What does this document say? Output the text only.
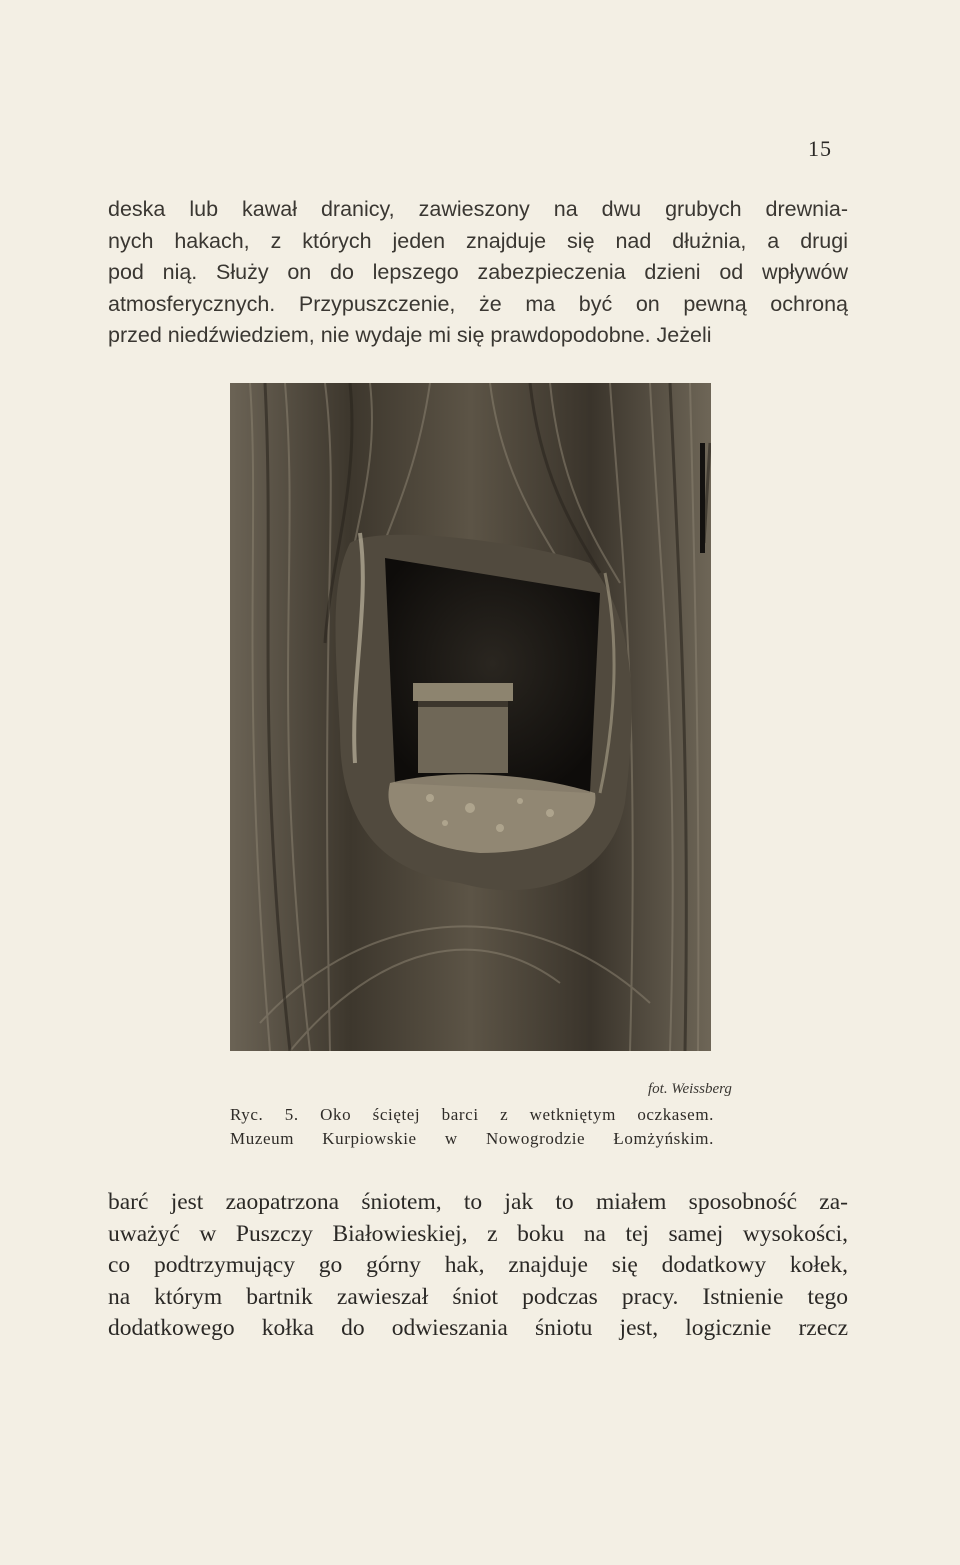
15
deska lub kawał dranicy, zawieszony na dwu grubych drewnia-
nych hakach, z których jeden znajduje się nad dłużnia, a drugi
pod nią. Służy on do lepszego zabezpieczenia dzieni od wpływów
atmosferycznych. Przypuszczenie, że ma być on pewną ochroną
przed niedźwiedziem, nie wydaje mi się prawdopodobne. Jeżeli
fot. Weissberg
Ryc. 5. Oko ściętej barci z wetkniętym oczkasem.
Muzeum Kurpiowskie w Nowogrodzie Łomżyńskim.
barć jest zaopatrzona śniotem, to jak to miałem sposobność za-
uważyć w Puszczy Białowieskiej, z boku na tej samej wysokości,
co podtrzymujący go górny hak, znajduje się dodatkowy kołek,
na którym bartnik zawieszał śniot podczas pracy. Istnienie tego
dodatkowego kołka do odwieszania śniotu jest, logicznie rzecz
